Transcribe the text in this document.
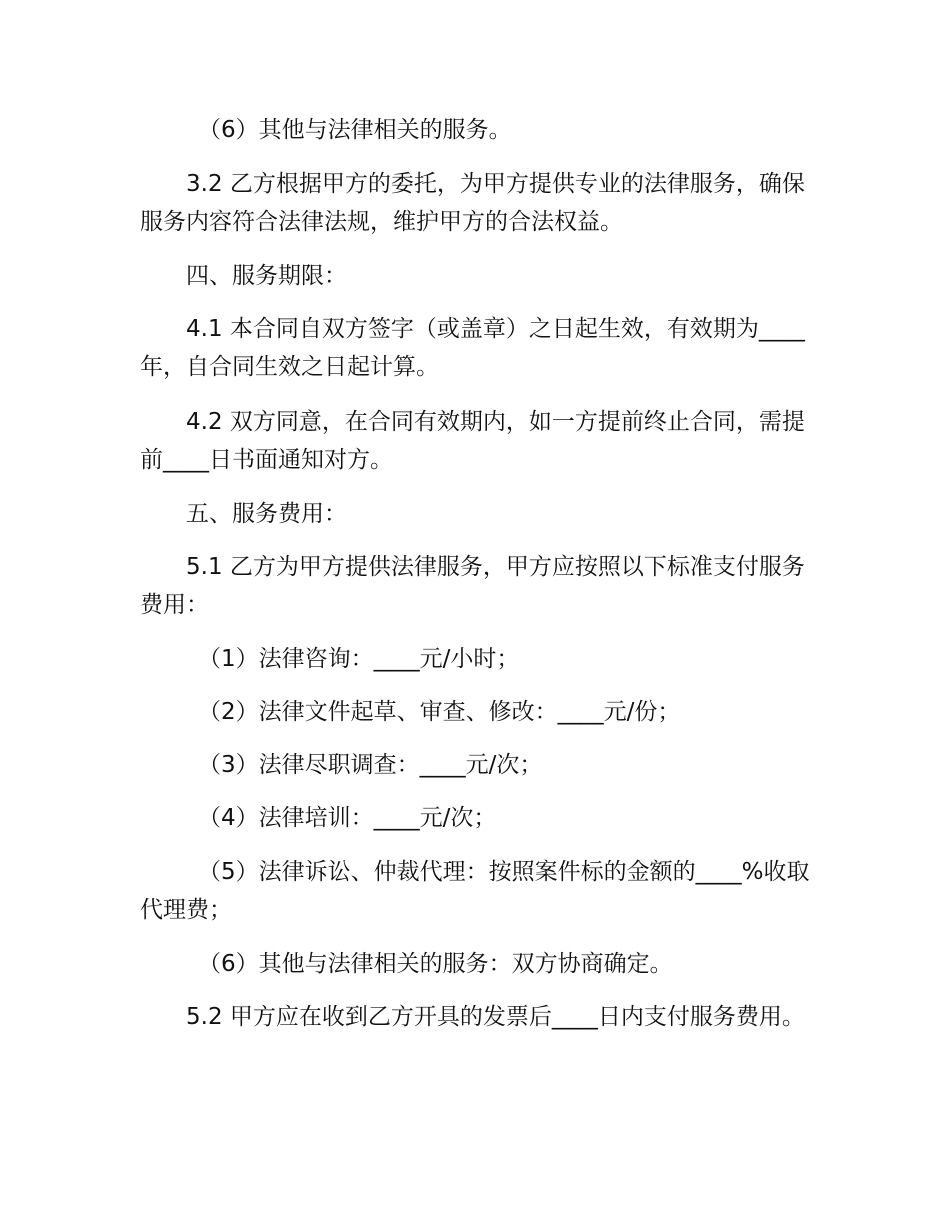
（6）其他与法律相关的服务。

3.2 乙方根据甲方的委托，为甲方提供专业的法律服务，确保服务内容符合法律法规，维护甲方的合法权益。

四、服务期限：

4.1 本合同自双方签字（或盖章）之日起生效，有效期为____年，自合同生效之日起计算。

4.2 双方同意，在合同有效期内，如一方提前终止合同，需提前____日书面通知对方。

五、服务费用：

5.1 乙方为甲方提供法律服务，甲方应按照以下标准支付服务费用：

（1）法律咨询：____元/小时；

（2）法律文件起草、审查、修改：____元/份；

（3）法律尽职调查：____元/次；

（4）法律培训：____元/次；

（5）法律诉讼、仲裁代理：按照案件标的金额的____%收取代理费；

（6）其他与法律相关的服务：双方协商确定。

5.2 甲方应在收到乙方开具的发票后____日内支付服务费用。
